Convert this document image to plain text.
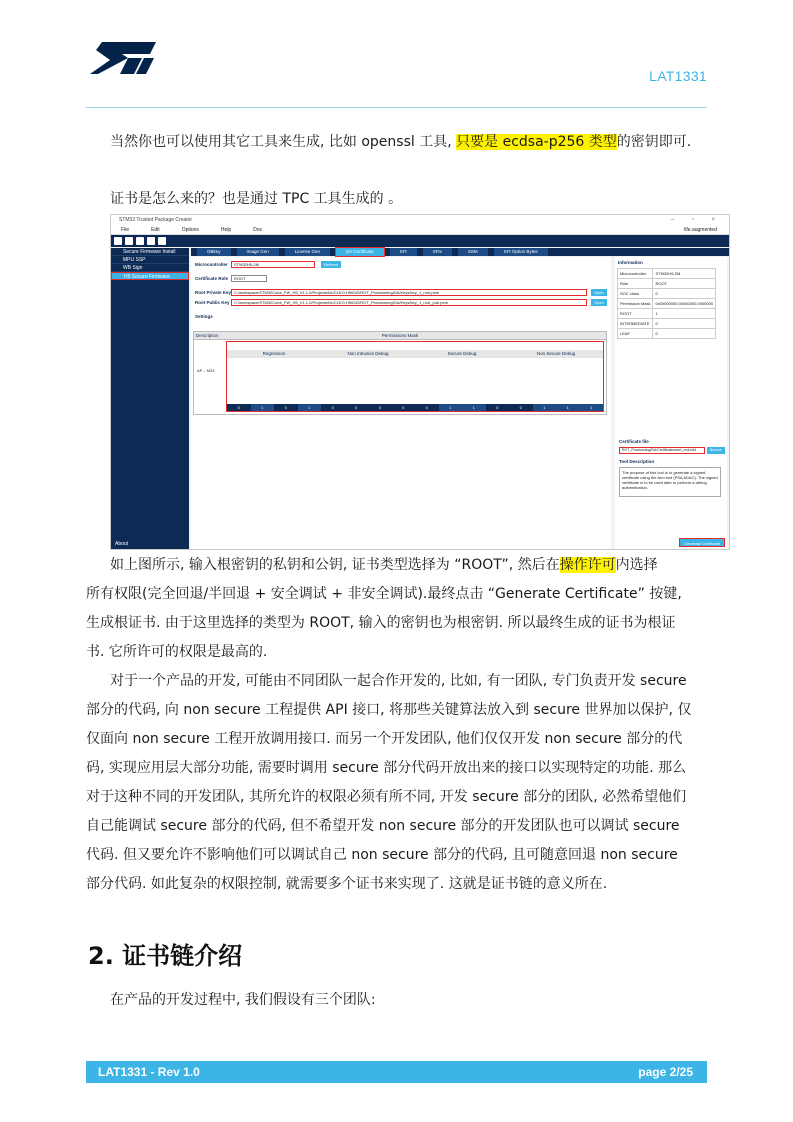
LAT1331
当然你也可以使用其它工具来生成, 比如 openssl 工具, 只要是 ecdsa-p256 类型的密钥即可.
证书是怎么来的？也是通过 TPC 工具生成的 。
STM32 Trusted Package Creator	– ▫ ×
File	Edit	Options	Help	Doc	life.augmented
Secure Firmware Install
MPU SSP
WB Sign
H5 Secure Firmware
About
OBkey	Image Gen	License Gen	DA Certificate	SFI	SFIx	SSM	SFI Option Bytes
Microcontroller	STM32H5-2M	Refresh
Certificate Role	ROOT
Root Private Key C:/workspace/STM32Cube_FW_H5_V1.1.0/Projects/NUCLEO-H563ZI/ROT_Provisioning/DA/Keys/key_1_root.pem	Open
Root Public Key	C:/workspace/STM32Cube_FW_H5_V1.1.0/Projects/NUCLEO-H563ZI/ROT_Provisioning/DA/Keys/key_1_root_pub.pem	Open
Settings
Description	Permissions Mask
AP – M33
Regression	Non Intrusive Debug	Secure Debug	Non Secure Debug
0	1	0	1	0	0	0	0	0	1	1	0	0	1	1	1
Information
Microcontroller	STM32H5-2M
Role	ROOT
SOC class	0
Permission Mask	0x00000000,00000000,0000000
ROOT	1
INTERMEDIATE	0
LEAF	0
Certificate file
ROT_Provisioning/DA/Certificates/cert_root.b64	Browse
Tool Description
The purpose of this tool is to generate a signed certificate using the Arm tool (PSA ADAC). The signed certificate is to be used later to perform a debug authentication.
Generate Certificate
如上图所示, 输入根密钥的私钥和公钥, 证书类型选择为 “ROOT”, 然后在操作许可内选择
所有权限(完全回退/半回退 + 安全调试 + 非安全调试).最终点击 “Generate Certificate” 按键,
生成根证书. 由于这里选择的类型为 ROOT, 输入的密钥也为根密钥. 所以最终生成的证书为根证
书. 它所许可的权限是最高的.
对于一个产品的开发, 可能由不同团队一起合作开发的, 比如, 有一团队, 专门负责开发 secure
部分的代码, 向 non secure 工程提供 API 接口, 将那些关键算法放入到 secure 世界加以保护, 仅
仅面向 non secure 工程开放调用接口. 而另一个开发团队, 他们仅仅开发 non secure 部分的代
码, 实现应用层大部分功能, 需要时调用 secure 部分代码开放出来的接口以实现特定的功能. 那么
对于这种不同的开发团队, 其所允许的权限必须有所不同, 开发 secure 部分的团队, 必然希望他们
自己能调试 secure 部分的代码, 但不希望开发 non secure 部分的开发团队也可以调试 secure
代码. 但又要允许不影响他们可以调试自己 non secure 部分的代码, 且可随意回退 non secure
部分代码. 如此复杂的权限控制, 就需要多个证书来实现了. 这就是证书链的意义所在.
2. 证书链介绍
在产品的开发过程中, 我们假设有三个团队:
LAT1331 - Rev 1.0	page 2/25
